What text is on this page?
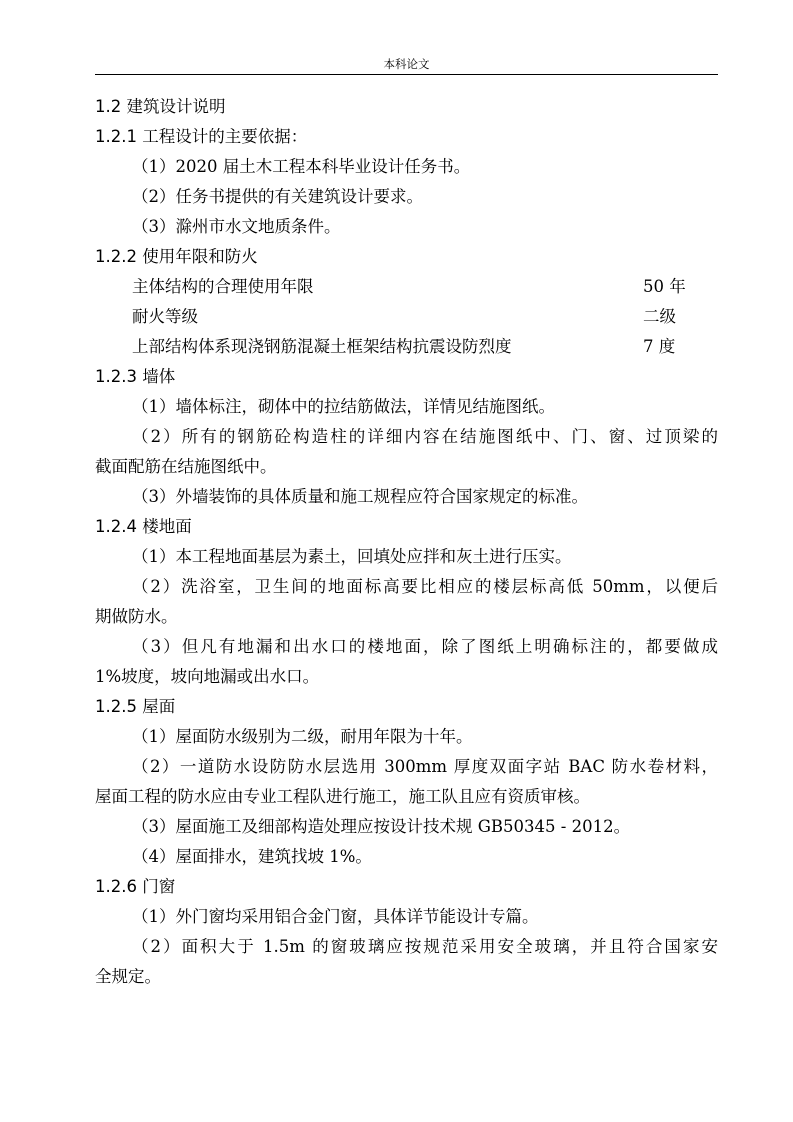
本科论文
1.2 建筑设计说明
1.2.1 工程设计的主要依据：
（1）2020 届土木工程本科毕业设计任务书。
（2）任务书提供的有关建筑设计要求。
（3）滁州市水文地质条件。
1.2.2 使用年限和防火
主体结构的合理使用年限	50 年
耐火等级	二级
上部结构体系现浇钢筋混凝土框架结构抗震设防烈度	7 度
1.2.3 墙体
（1）墙体标注，砌体中的拉结筋做法，详情见结施图纸。
（2）所有的钢筋砼构造柱的详细内容在结施图纸中、门、窗、过顶梁的
截面配筋在结施图纸中。
（3）外墙装饰的具体质量和施工规程应符合国家规定的标准。
1.2.4 楼地面
（1）本工程地面基层为素土，回填处应拌和灰土进行压实。
（2）洗浴室，卫生间的地面标高要比相应的楼层标高低 50mm，以便后
期做防水。
（3）但凡有地漏和出水口的楼地面，除了图纸上明确标注的，都要做成
1%坡度，坡向地漏或出水口。
1.2.5 屋面
（1）屋面防水级别为二级，耐用年限为十年。
（2）一道防水设防防水层选用 300mm 厚度双面字站 BAC 防水卷材料，
屋面工程的防水应由专业工程队进行施工，施工队且应有资质审核。
（3）屋面施工及细部构造处理应按设计技术规 GB50345 - 2012。
（4）屋面排水，建筑找坡 1%。
1.2.6 门窗
（1）外门窗均采用铝合金门窗，具体详节能设计专篇。
（2）面积大于 1.5m 的窗玻璃应按规范采用安全玻璃，并且符合国家安
全规定。
